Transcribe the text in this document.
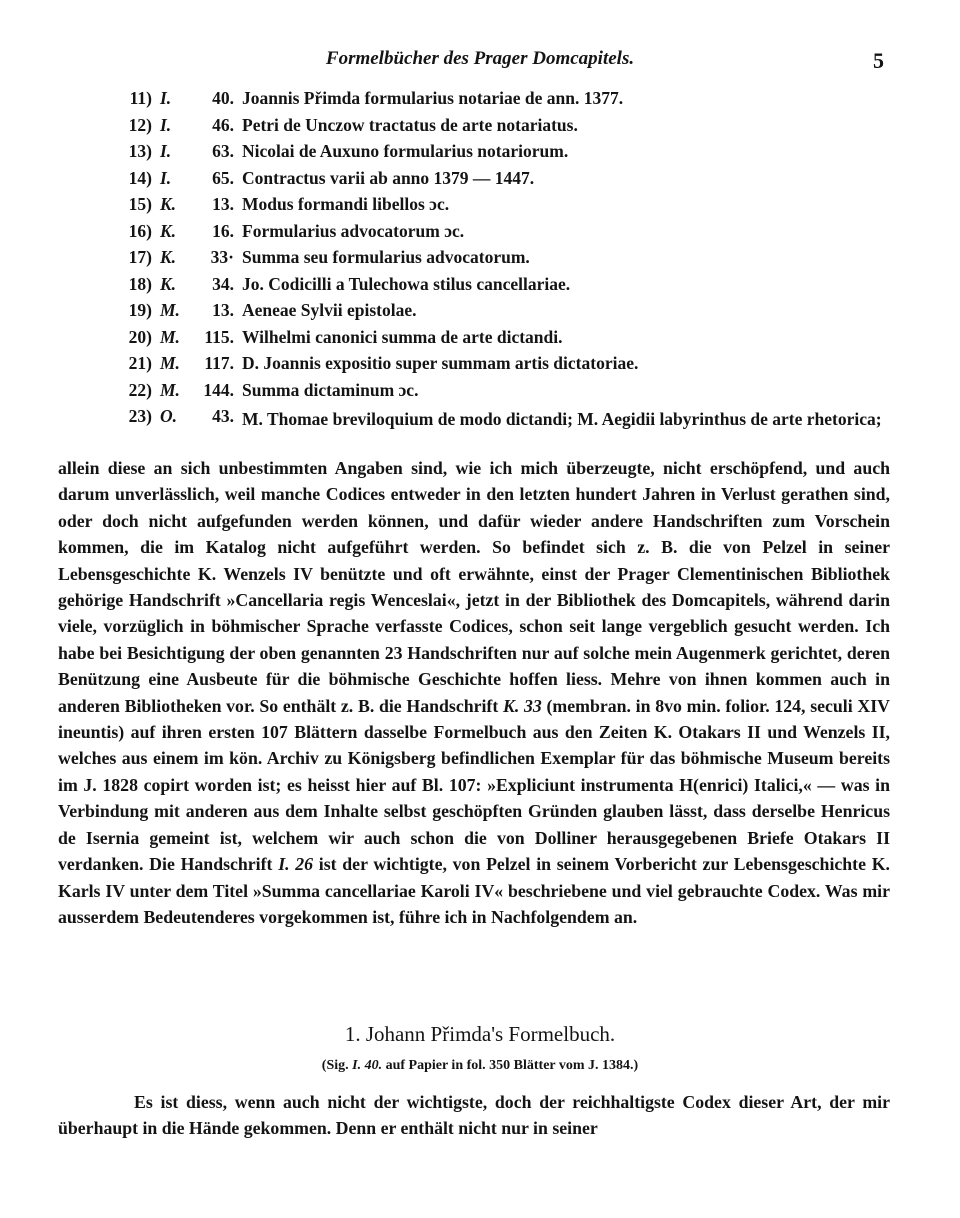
Formelbücher des Prager Domcapitels.	5
11) I.	40. Joannis Přimda formularius notariae de ann. 1377.
12) I.	46. Petri de Unczow tractatus de arte notariatus.
13) I.	63. Nicolai de Auxuno formularius notariorum.
14) I.	65. Contractus varii ab anno 1379 — 1447.
15) K.	13. Modus formandi libellos ɔc.
16) K.	16. Formularius advocatorum ɔc.
17) K.	33· Summa seu formularius advocatorum.
18) K.	34. Jo. Codicilli a Tulechowa stilus cancellariae.
19) M.	13. Aeneae Sylvii epistolae.
20) M.	115. Wilhelmi canonici summa de arte dictandi.
21) M.	117. D. Joannis expositio super summam artis dictatoriae.
22) M.	144. Summa dictaminum ɔc.
23) O.	43. M. Thomae breviloquium de modo dictandi; M. Aegidii labyrinthus de arte rhetorica;
allein diese an sich unbestimmten Angaben sind, wie ich mich überzeugte, nicht erschöpfend, und auch darum unverlässlich, weil manche Codices entweder in den letzten hundert Jahren in Verlust gerathen sind, oder doch nicht aufgefunden werden können, und dafür wieder andere Handschriften zum Vorschein kommen, die im Katalog nicht aufgeführt werden. So befindet sich z. B. die von Pelzel in seiner Lebensgeschichte K. Wenzels IV benützte und oft erwähnte, einst der Prager Clementinischen Bibliothek gehörige Handschrift »Cancellaria regis Wenceslai«, jetzt in der Bibliothek des Domcapitels, während darin viele, vorzüglich in böhmischer Sprache verfasste Codices, schon seit lange vergeblich gesucht werden. Ich habe bei Besichtigung der oben genannten 23 Handschriften nur auf solche mein Augenmerk gerichtet, deren Benützung eine Ausbeute für die böhmische Geschichte hoffen liess. Mehre von ihnen kommen auch in anderen Bibliotheken vor. So enthält z. B. die Handschrift K. 33 (membran. in 8vo min. folior. 124, seculi XIV ineuntis) auf ihren ersten 107 Blättern dasselbe Formelbuch aus den Zeiten K. Otakars II und Wenzels II, welches aus einem im kön. Archiv zu Königsberg befindlichen Exemplar für das böhmische Museum bereits im J. 1828 copirt worden ist; es heisst hier auf Bl. 107: »Expliciunt instrumenta H(enrici) Italici,« — was in Verbindung mit anderen aus dem Inhalte selbst geschöpften Gründen glauben lässt, dass derselbe Henricus de Isernia gemeint ist, welchem wir auch schon die von Dolliner herausgegebenen Briefe Otakars II verdanken. Die Handschrift I. 26 ist der wichtigte, von Pelzel in seinem Vorbericht zur Lebensgeschichte K. Karls IV unter dem Titel »Summa cancellariae Karoli IV« beschriebene und viel gebrauchte Codex. Was mir ausserdem Bedeutenderes vorgekommen ist, führe ich in Nachfolgendem an.
1. Johann Přimda's Formelbuch.
(Sig. I. 40. auf Papier in fol. 350 Blätter vom J. 1384.)
Es ist diess, wenn auch nicht der wichtigste, doch der reichhaltigste Codex dieser Art, der mir überhaupt in die Hände gekommen. Denn er enthält nicht nur in seiner
